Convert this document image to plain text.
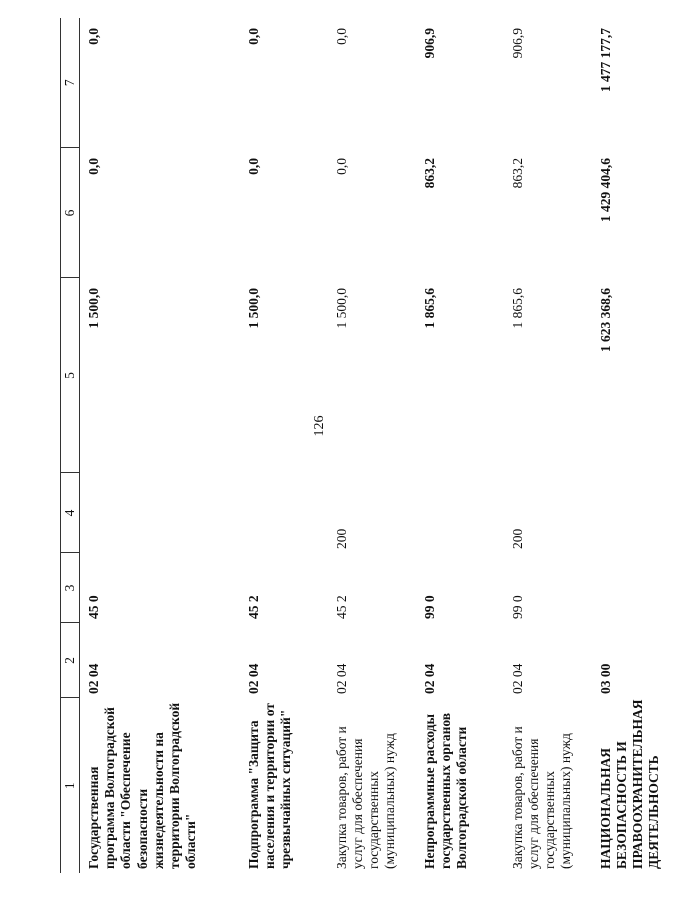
126
1	2	3	4	5	6	7
Государственная программа Волгоградской области "Обеспечение безопасности жизнедеятельности на территории Волгоградской области"	02 04	45 0		1 500,0	0,0	0,0
Подпрограмма "Защита населения и территории от чрезвычайных ситуаций"	02 04	45 2		1 500,0	0,0	0,0
Закупка товаров, работ и услуг для обеспечения государственных (муниципальных) нужд	02 04	45 2	200	1 500,0	0,0	0,0
Непрограммные расходы государственных органов Волгоградской области	02 04	99 0		1 865,6	863,2	906,9
Закупка товаров, работ и услуг для обеспечения государственных (муниципальных) нужд	02 04	99 0	200	1 865,6	863,2	906,9
НАЦИОНАЛЬНАЯ БЕЗОПАСНОСТЬ И ПРАВООХРАНИТЕЛЬНАЯ ДЕЯТЕЛЬНОСТЬ	03 00			1 623 368,6	1 429 404,6	1 477 177,7
